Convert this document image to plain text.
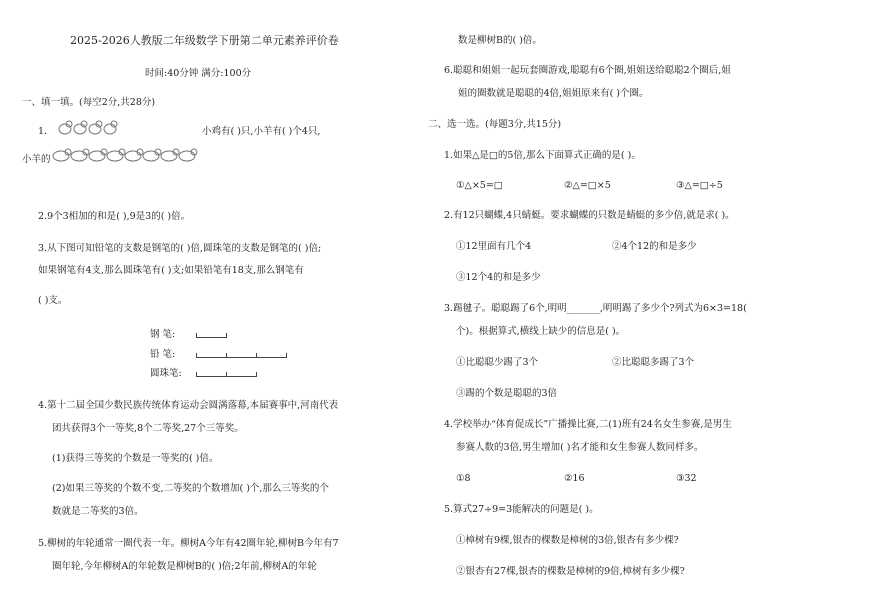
2025-2026人教版二年级数学下册第二单元素养评价卷
时间:40分钟 满分:100分
一、填一填。(每空2分,共28分)
1.	小鸡有( )只,小羊有( )个4只,
小羊的
2.9个3相加的和是( ),9是3的( )倍。
3.从下图可知铅笔的支数是钢笔的( )倍,圆珠笔的支数是钢笔的( )倍;
如果钢笔有4支,那么圆珠笔有( )支;如果铅笔有18支,那么钢笔有
( )支。
钢 笔:
铅 笔:
圆珠笔:
4.第十二届全国少数民族传统体育运动会圆满落幕,本届赛事中,河南代表
团共获得3个一等奖,8个二等奖,27个三等奖。
(1)获得三等奖的个数是一等奖的( )倍。
(2)如果三等奖的个数不变,二等奖的个数增加( )个,那么三等奖的个
数就是二等奖的3倍。
5.柳树的年轮通常一圈代表一年。柳树A今年有42圈年轮,柳树B今年有7
圈年轮,今年柳树A的年轮数是柳树B的( )倍;2年前,柳树A的年轮
数是柳树B的( )倍。
6.聪聪和姐姐一起玩套圈游戏,聪聪有6个圈,姐姐送给聪聪2个圈后,姐
姐的圈数就是聪聪的4倍,姐姐原来有( )个圈。
二、选一选。(每题3分,共15分)
1.如果△是□的5倍,那么下面算式正确的是( )。
①△×5=□	②△=□×5	③△=□÷5
2.有12只蝴蝶,4只蜻蜓。要求蝴蝶的只数是蜻蜓的多少倍,就是求( )。
①12里面有几个4	②4个12的和是多少
③12个4的和是多少
3.踢毽子。聪聪踢了6个,明明_______,明明踢了多少个?列式为6×3=18(
个)。根据算式,横线上缺少的信息是( )。
①比聪聪少踢了3个	②比聪聪多踢了3个
③踢的个数是聪聪的3倍
4.学校举办“体育促成长”广播操比赛,二(1)班有24名女生参赛,是男生
参赛人数的3倍,男生增加( )名才能和女生参赛人数同样多。
①8	②16	③32
5.算式27÷9=3能解决的问题是( )。
①樟树有9棵,银杏的棵数是樟树的3倍,银杏有多少棵?
②银杏有27棵,银杏的棵数是樟树的9倍,樟树有多少棵?
